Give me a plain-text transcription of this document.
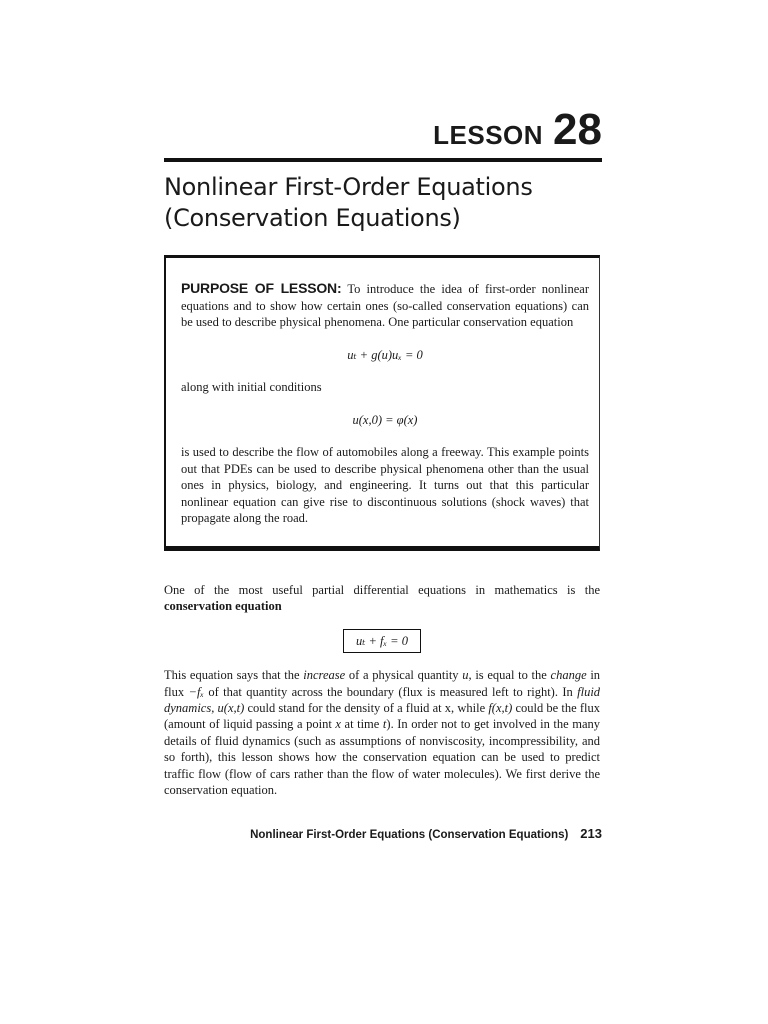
LESSON 28
Nonlinear First-Order Equations
(Conservation Equations)

PURPOSE OF LESSON: To introduce the idea of first-order nonlinear equations and to show how certain ones (so-called conservation equations) can be used to describe physical phenomena. One particular conservation equation

uₜ + g(u)uₓ = 0

along with initial conditions

u(x,0) = φ(x)

is used to describe the flow of automobiles along a freeway. This example points out that PDEs can be used to describe physical phenomena other than the usual ones in physics, biology, and engineering. It turns out that this particular nonlinear equation can give rise to discontinuous solutions (shock waves) that propagate along the road.

One of the most useful partial differential equations in mathematics is the conservation equation

uₜ + fₓ = 0

This equation says that the increase of a physical quantity u, is equal to the change in flux −fₓ of that quantity across the boundary (flux is measured left to right). In fluid dynamics, u(x,t) could stand for the density of a fluid at x, while f(x,t) could be the flux (amount of liquid passing a point x at time t). In order not to get involved in the many details of fluid dynamics (such as assumptions of nonviscosity, incompressibility, and so forth), this lesson shows how the conservation equation can be used to predict traffic flow (flow of cars rather than the flow of water molecules). We first derive the conservation equation.

Nonlinear First-Order Equations (Conservation Equations) 213
